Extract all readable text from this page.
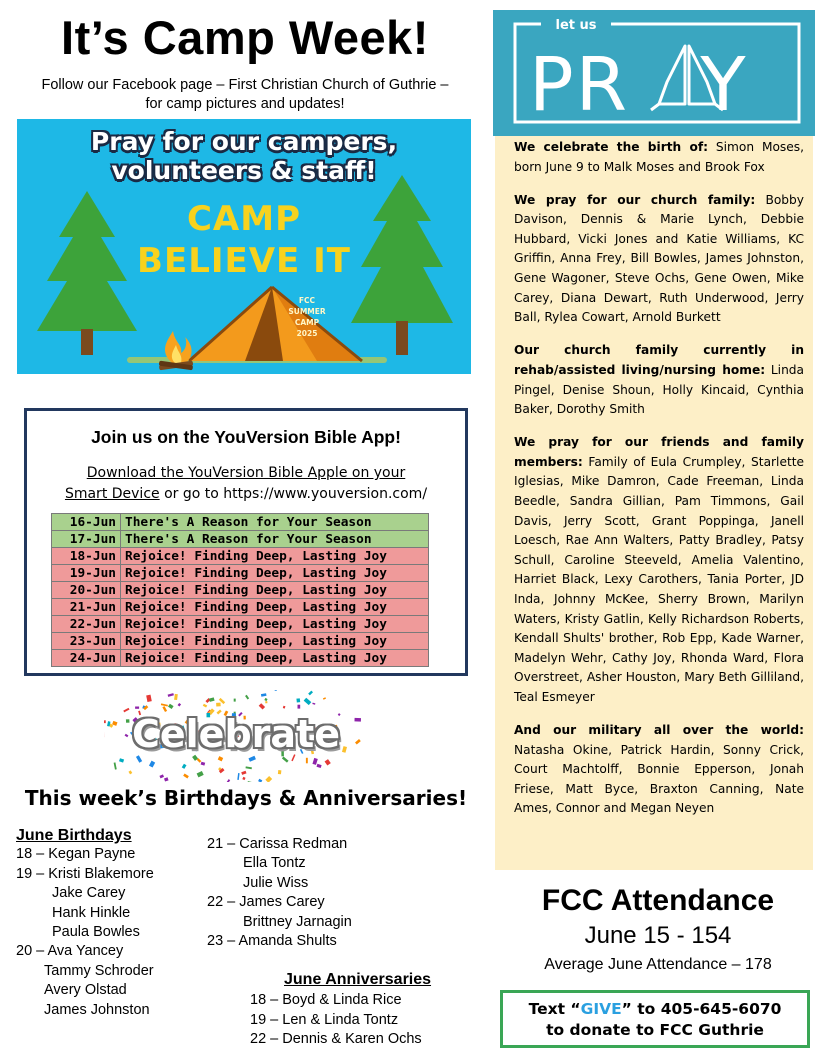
It’s Camp Week!
Follow our Facebook page – First Christian Church of Guthrie –
for camp pictures and updates!
Pray for our campers,
volunteers & staff!
CAMP
BELIEVE IT
FCC
SUMMER
CAMP
2025
Join us on the YouVersion Bible App!
Download the YouVersion Bible Apple on your
Smart Device or go to https://www.youversion.com/
16-Jun	There's A Reason for Your Season
17-Jun	There's A Reason for Your Season
18-Jun	Rejoice! Finding Deep, Lasting Joy
19-Jun	Rejoice! Finding Deep, Lasting Joy
20-Jun	Rejoice! Finding Deep, Lasting Joy
21-Jun	Rejoice! Finding Deep, Lasting Joy
22-Jun	Rejoice! Finding Deep, Lasting Joy
23-Jun	Rejoice! Finding Deep, Lasting Joy
24-Jun	Rejoice! Finding Deep, Lasting Joy
Celebrate
This week’s Birthdays & Anniversaries!
June Birthdays
18 – Kegan Payne
19 – Kristi Blakemore
Jake Carey
Hank Hinkle
Paula Bowles
20 – Ava Yancey
Tammy Schroder
Avery Olstad
James Johnston
21 – Carissa Redman
Ella Tontz
Julie Wiss
22 – James Carey
Brittney Jarnagin
23 – Amanda Shults
June Anniversaries
18 – Boyd & Linda Rice
19 – Len & Linda Tontz
22 – Dennis & Karen Ochs
let us
PR Y

We celebrate the birth of: Simon Moses, born June 9 to Malk Moses and Brook Fox

We pray for our church family: Bobby Davison, Dennis & Marie Lynch, Debbie Hubbard, Vicki Jones and Katie Williams, KC Griffin, Anna Frey, Bill Bowles, James Johnston, Gene Wagoner, Steve Ochs, Gene Owen, Mike Carey, Diana Dewart, Ruth Underwood, Jerry Ball, Rylea Cowart, Arnold Burkett

Our church family currently in rehab/assisted living/nursing home: Linda Pingel, Denise Shoun, Holly Kincaid, Cynthia Baker, Dorothy Smith

We pray for our friends and family members: Family of Eula Crumpley, Starlette Iglesias, Mike Damron, Cade Freeman, Linda Beedle, Sandra Gillian, Pam Timmons, Gail Davis, Jerry Scott, Grant Poppinga, Janell Loesch, Rae Ann Walters, Patty Bradley, Patsy Schull, Caroline Steeveld, Amelia Valentino, Harriet Black, Lexy Carothers, Tania Porter, JD Inda, Johnny McKee, Sherry Brown, Marilyn Waters, Kristy Gatlin, Kelly Richardson Roberts, Kendall Shults' brother, Rob Epp, Kade Warner, Madelyn Wehr, Cathy Joy, Rhonda Ward, Flora Overstreet, Asher Houston, Mary Beth Gilliland, Teal Esmeyer

And our military all over the world: Natasha Okine, Patrick Hardin, Sonny Crick, Court Machtolff, Bonnie Epperson, Jonah Friese, Matt Byce, Braxton Canning, Nate Ames, Connor and Megan Neyen

FCC Attendance
June 15 - 154
Average June Attendance – 178
Text “GIVE” to 405-645-6070
to donate to FCC Guthrie
